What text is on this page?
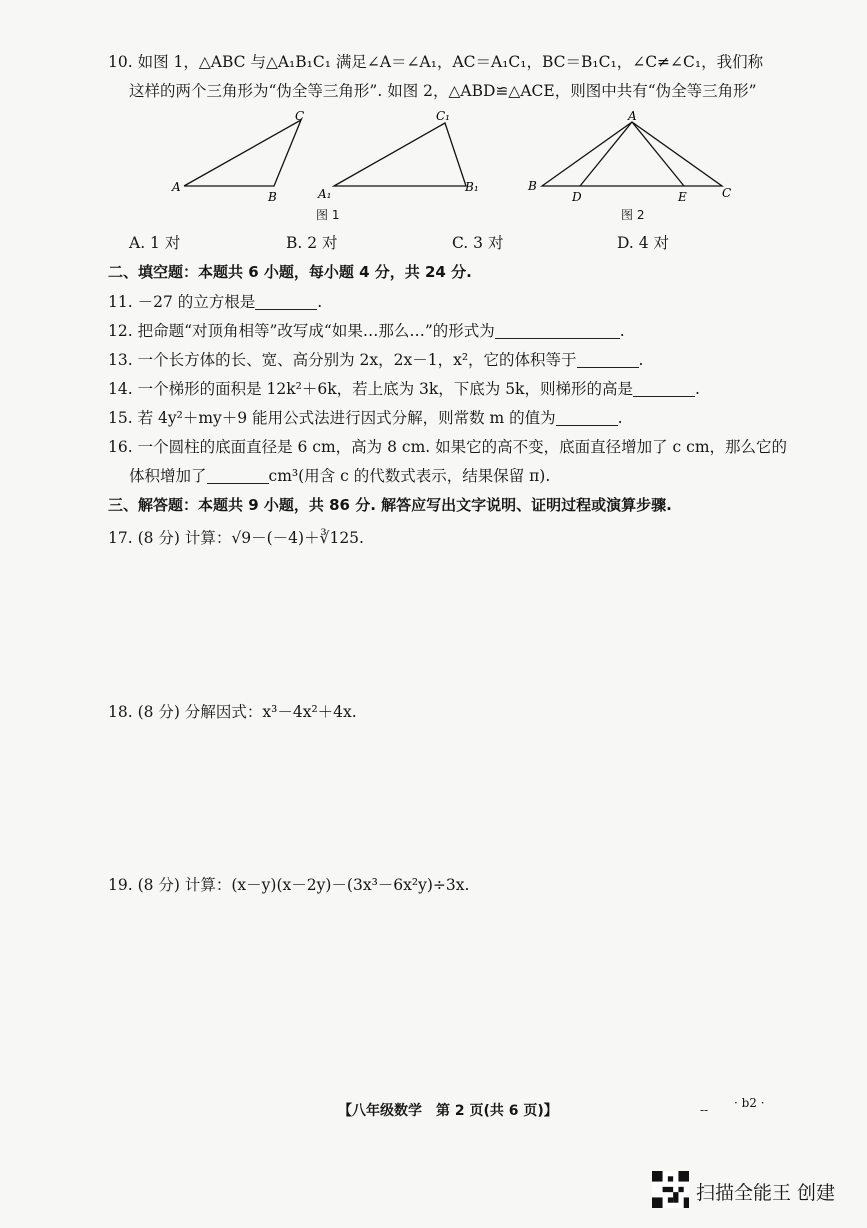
10. 如图 1，△ABC 与△A₁B₁C₁ 满足∠A＝∠A₁，AC＝A₁C₁，BC＝B₁C₁，∠C≠∠C₁，我们称
这样的两个三角形为“伪全等三角形”. 如图 2，△ABD≌△ACE，则图中共有“伪全等三角形”
A
B
C
A₁	B₁
C₁
图 1
A
B
D	E	C
图 2
A. 1 对	B. 2 对	C. 3 对	D. 4 对
二、填空题：本题共 6 小题，每小题 4 分，共 24 分.
11. －27 的立方根是	.
12. 把命题“对顶角相等”改写成“如果…那么…”的形式为	.
13. 一个长方体的长、宽、高分别为 2x，2x－1，x²，它的体积等于	.
14. 一个梯形的面积是 12k²＋6k，若上底为 3k，下底为 5k，则梯形的高是	.
15. 若 4y²＋my＋9 能用公式法进行因式分解，则常数 m 的值为	.
16. 一个圆柱的底面直径是 6 cm，高为 8 cm. 如果它的高不变，底面直径增加了 c cm，那么它的
体积增加了	cm³(用含 c 的代数式表示，结果保留 π).
三、解答题：本题共 9 小题，共 86 分. 解答应写出文字说明、证明过程或演算步骤.
17. (8 分) 计算：√9－(－4)＋∛125.
18. (8 分) 分解因式：x³－4x²＋4x.
19. (8 分) 计算：(x－y)(x－2y)－(3x³－6x²y)÷3x.
【八年级数学　第 2 页(共 6 页)】	-- · b2 ·
扫描全能王 创建
